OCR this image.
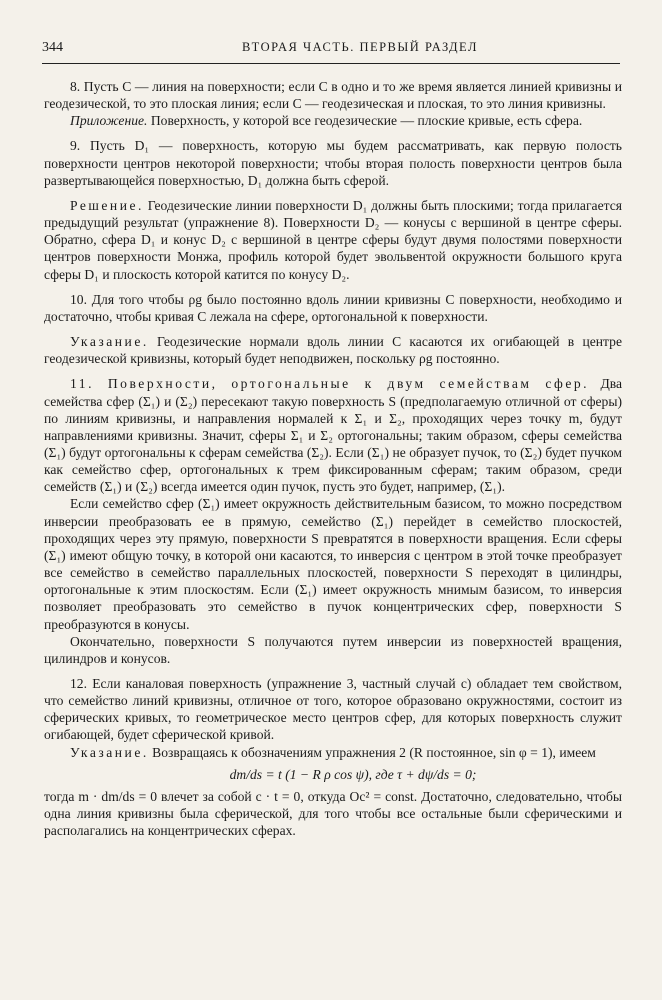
344	ВТОРАЯ ЧАСТЬ. ПЕРВЫЙ РАЗДЕЛ

8. Пусть C — линия на поверхности; если C в одно и то же время является линией кривизны и геодезической, то это плоская линия; если C — геодезическая и плоская, то это линия кривизны.

Приложение. Поверхность, у которой все геодезические — плоские кривые, есть сфера.

9. Пусть D₁ — поверхность, которую мы будем рассматривать, как первую полость поверхности центров некоторой поверхности; чтобы вторая полость поверхности центров была развертывающейся поверхностью, D₁ должна быть сферой.

Решение. Геодезические линии поверхности D₁ должны быть плоскими; тогда прилагается предыдущий результат (упражнение 8). Поверхности D₂ — конусы с вершиной в центре сферы. Обратно, сфера D₁ и конус D₂ с вершиной в центре сферы будут двумя полостями поверхности центров поверхности Монжа, профиль которой будет эвольвентой окружности большого круга сферы D₁ и плоскость которой катится по конусу D₂.

10. Для того чтобы ρg было постоянно вдоль линии кривизны C поверхности, необходимо и достаточно, чтобы кривая C лежала на сфере, ортогональной к поверхности.

Указание. Геодезические нормали вдоль линии C касаются их огибающей в центре геодезической кривизны, который будет неподвижен, поскольку ρg постоянно.

11. Поверхности, ортогональные к двум семействам сфер. Два семейства сфер (Σ₁) и (Σ₂) пересекают такую поверхность S (предполагаемую отличной от сферы) по линиям кривизны, и направления нормалей к Σ₁ и Σ₂, проходящих через точку m, будут направлениями кривизны. Значит, сферы Σ₁ и Σ₂ ортогональны; таким образом, сферы семейства (Σ₁) будут ортогональны к сферам семейства (Σ₂). Если (Σ₁) не образует пучок, то (Σ₂) будет пучком как семейство сфер, ортогональных к трем фиксированным сферам; таким образом, среди семейств (Σ₁) и (Σ₂) всегда имеется один пучок, пусть это будет, например, (Σ₁).

Если семейство сфер (Σ₁) имеет окружность действительным базисом, то можно посредством инверсии преобразовать ее в прямую, семейство (Σ₁) перейдет в семейство плоскостей, проходящих через эту прямую, поверхности S превратятся в поверхности вращения. Если сферы (Σ₁) имеют общую точку, в которой они касаются, то инверсия с центром в этой точке преобразует все семейство в семейство параллельных плоскостей, поверхности S переходят в цилиндры, ортогональные к этим плоскостям. Если (Σ₁) имеет окружность мнимым базисом, то инверсия позволяет преобразовать это семейство в пучок концентрических сфер, поверхности S преобразуются в конусы.

Окончательно, поверхности S получаются путем инверсии из поверхностей вращения, цилиндров и конусов.

12. Если каналовая поверхность (упражнение 3, частный случай c) обладает тем свойством, что семейство линий кривизны, отличное от того, которое образовано окружностями, состоит из сферических кривых, то геометрическое место центров сфер, для которых поверхность служит огибающей, будет сферической кривой.

Указание. Возвращаясь к обозначениям упражнения 2 (R постоянное, sin φ = 1), имеем

dm/ds = t (1 − R ρ cos ψ), где τ + dψ/ds = 0;

тогда m · dm/ds = 0 влечет за собой c · t = 0, откуда Oc² = const. Достаточно, следовательно, чтобы одна линия кривизны была сферической, для того чтобы все остальные были сферическими и располагались на концентрических сферах.
